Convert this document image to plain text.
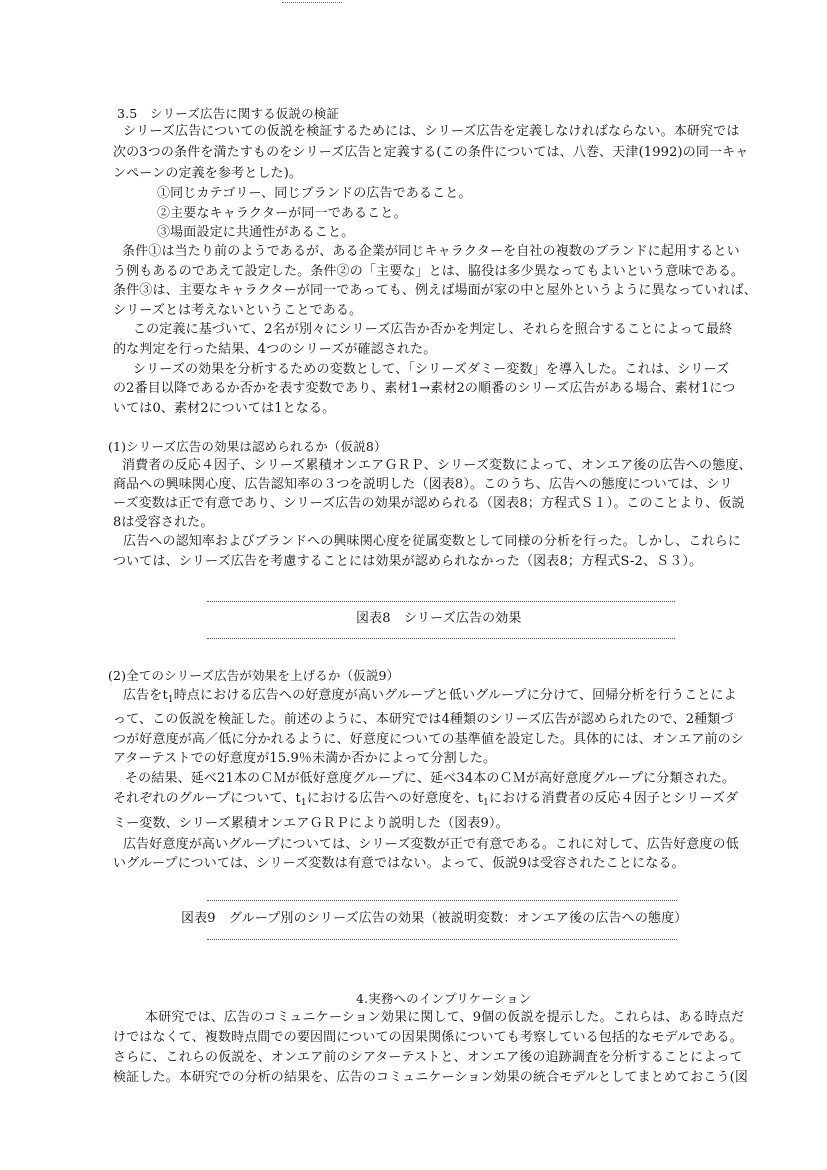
3.5　シリーズ広告に関する仮説の検証
シリーズ広告についての仮説を検証するためには、シリーズ広告を定義しなければならない。本研究では
次の3つの条件を満たすものをシリーズ広告と定義する(この条件については、八巻、天津(1992)の同一キャ
ンペーンの定義を参考とした)。
①同じカテゴリー、同じブランドの広告であること。
②主要なキャラクターが同一であること。
③場面設定に共通性があること。
条件①は当たり前のようであるが、ある企業が同じキャラクターを自社の複数のブランドに起用するとい
う例もあるのであえて設定した。条件②の「主要な」とは、脇役は多少異なってもよいという意味である。
条件③は、主要なキャラクターが同一であっても、例えば場面が家の中と屋外というように異なっていれば、
シリーズとは考えないということである。
この定義に基づいて、2名が別々にシリーズ広告か否かを判定し、それらを照合することによって最終
的な判定を行った結果、4つのシリーズが確認された。
シリーズの効果を分析するための変数として、「シリーズダミー変数」を導入した。これは、シリーズ
の2番目以降であるか否かを表す変数であり、素材1→素材2の順番のシリーズ広告がある場合、素材1につ
いては0、素材2については1となる。
(1)シリーズ広告の効果は認められるか（仮説8）
消費者の反応４因子、シリーズ累積オンエアＧＲＰ、シリーズ変数によって、オンエア後の広告への態度、
商品への興味関心度、広告認知率の３つを説明した（図表8）。このうち、広告への態度については、シリ
ーズ変数は正で有意であり、シリーズ広告の効果が認められる（図表8；方程式Ｓ１）。このことより、仮説
8は受容された。
広告への認知率およびブランドへの興味関心度を従属変数として同様の分析を行った。しかし、これらに
ついては、シリーズ広告を考慮することには効果が認められなかった（図表8；方程式S-2、Ｓ３）。
図表8　シリーズ広告の効果
(2)全てのシリーズ広告が効果を上げるか（仮説9）
広告を$t_1$時点における広告への好意度が高いグループと低いグループに分けて、回帰分析を行うことによ
って、この仮説を検証した。前述のように、本研究では4種類のシリーズ広告が認められたので、2種類づ
つが好意度が高／低に分かれるように、好意度についての基準値を設定した。具体的には、オンエア前のシ
アターテストでの好意度が15.9％未満か否かによって分割した。
その結果、延べ21本のＣＭが低好意度グループに、延べ34本のＣＭが高好意度グループに分類された。
それぞれのグループについて、$t_1$における広告への好意度を、$t_1$における消費者の反応４因子とシリーズダ
ミー変数、シリーズ累積オンエアＧＲＰにより説明した（図表9）。
広告好意度が高いグループについては、シリーズ変数が正で有意である。これに対して、広告好意度の低
いグループについては、シリーズ変数は有意ではない。よって、仮説9は受容されたことになる。
図表9　グループ別のシリーズ広告の効果（被説明変数：オンエア後の広告への態度）
4.実務へのインプリケーション
本研究では、広告のコミュニケーション効果に関して、9個の仮説を提示した。これらは、ある時点だ
けではなくて、複数時点間での要因間についての因果関係についても考察している包括的なモデルである。
さらに、これらの仮説を、オンエア前のシアターテストと、オンエア後の追跡調査を分析することによって
検証した。本研究での分析の結果を、広告のコミュニケーション効果の統合モデルとしてまとめておこう(図
